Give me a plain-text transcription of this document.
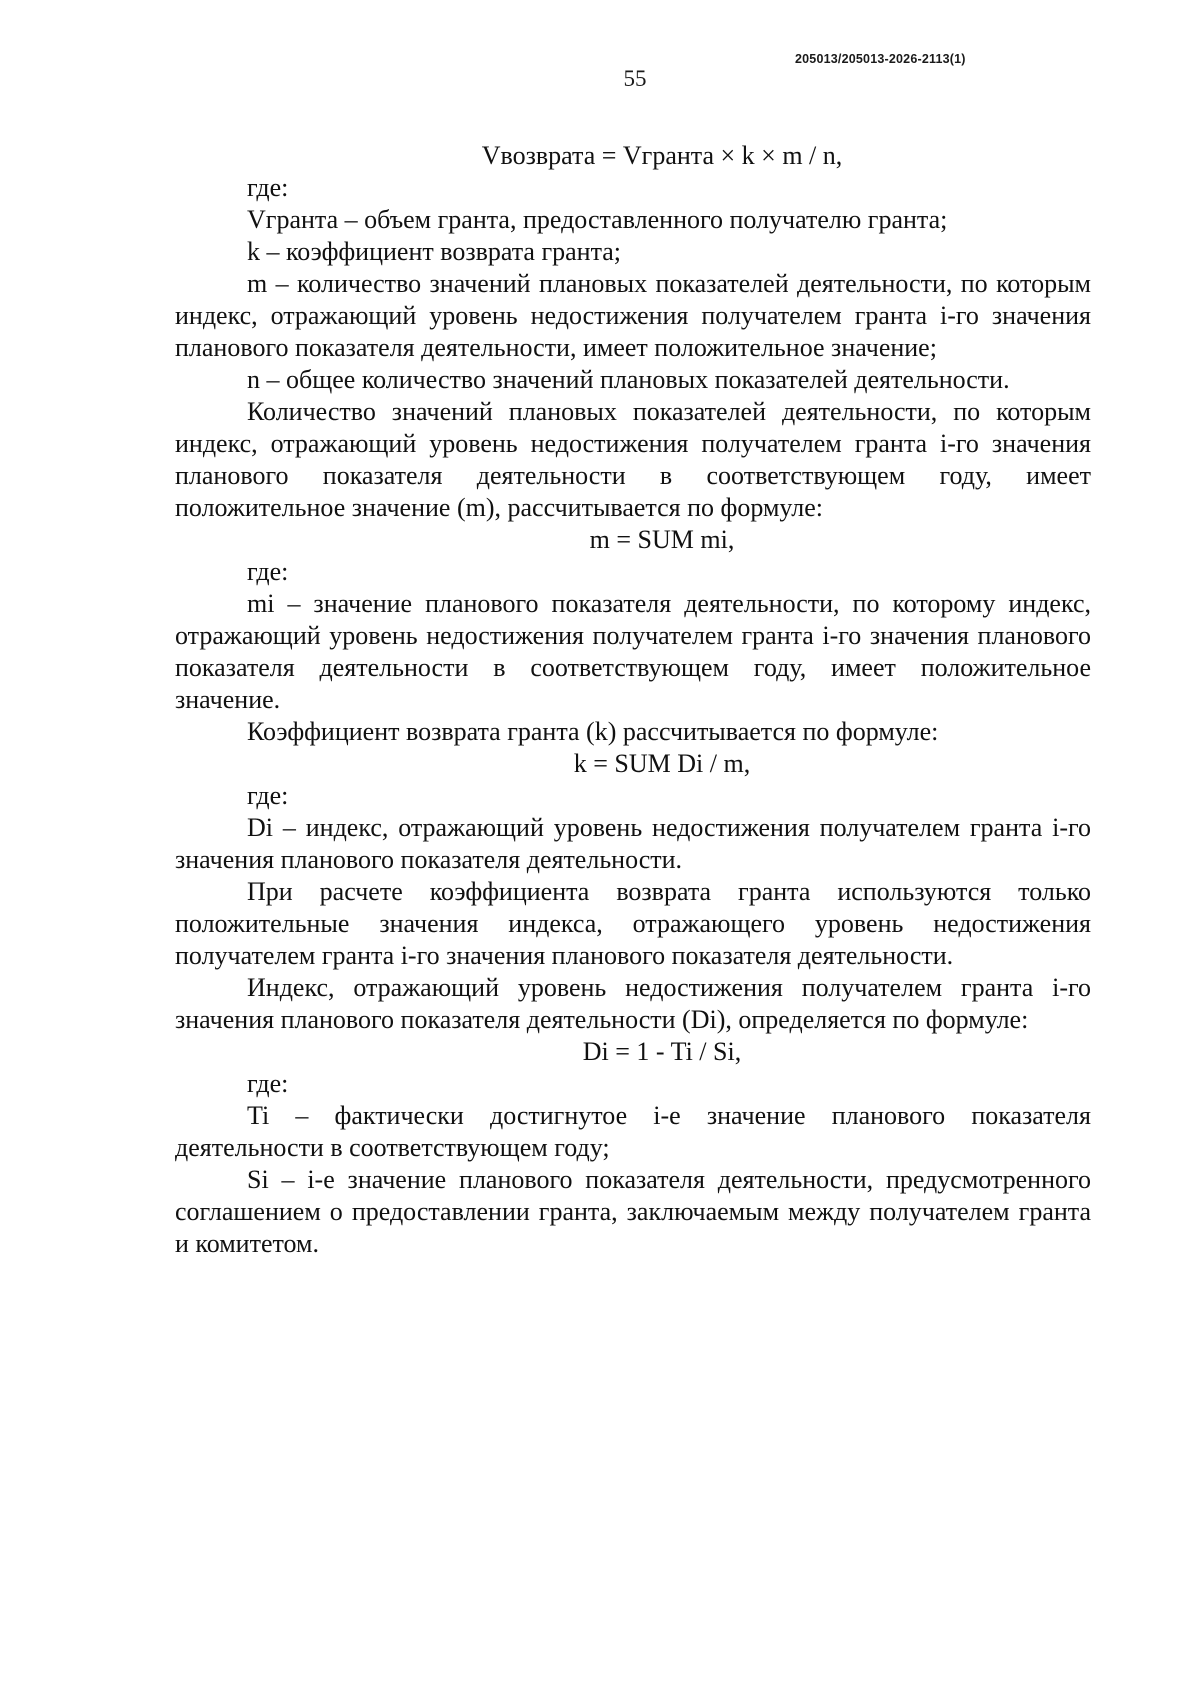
205013/205013-2026-2113(1)
55

Vвозврата = Vгранта × k × m / n,

где:

Vгранта – объем гранта, предоставленного получателю гранта;

k – коэффициент возврата гранта;

m – количество значений плановых показателей деятельности, по которым индекс, отражающий уровень недостижения получателем гранта i-го значения планового показателя деятельности, имеет положительное значение;

n – общее количество значений плановых показателей деятельности.

Количество значений плановых показателей деятельности, по которым индекс, отражающий уровень недостижения получателем гранта i-го значения планового показателя деятельности в соответствующем году, имеет положительное значение (m), рассчитывается по формуле:

m = SUM mi,

где:

mi – значение планового показателя деятельности, по которому индекс, отражающий уровень недостижения получателем гранта i-го значения планового показателя деятельности в соответствующем году, имеет положительное значение.

Коэффициент возврата гранта (k) рассчитывается по формуле:

k = SUM Di / m,

где:

Di – индекс, отражающий уровень недостижения получателем гранта i-го значения планового показателя деятельности.

При расчете коэффициента возврата гранта используются только положительные значения индекса, отражающего уровень недостижения получателем гранта i-го значения планового показателя деятельности.

Индекс, отражающий уровень недостижения получателем гранта i-го значения планового показателя деятельности (Di), определяется по формуле:

Di = 1 - Ti / Si,

где:

Ti – фактически достигнутое i-е значение планового показателя деятельности в соответствующем году;

Si – i-е значение планового показателя деятельности, предусмотренного соглашением о предоставлении гранта, заключаемым между получателем гранта и комитетом.
